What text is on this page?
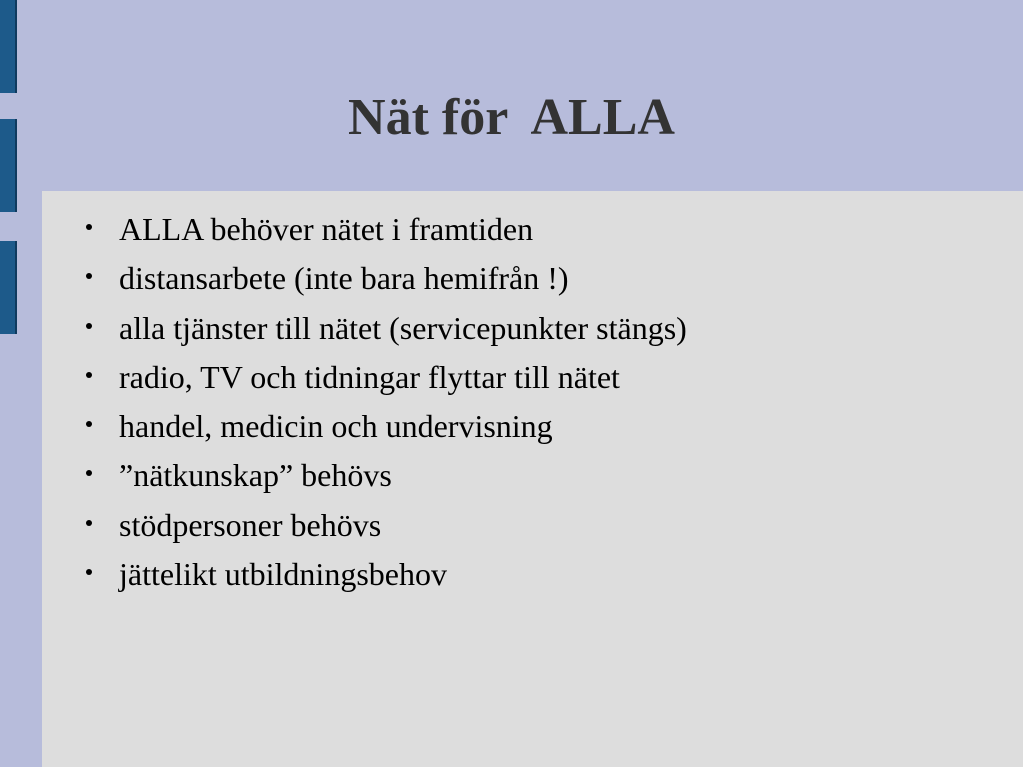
Nät för  ALLA
ALLA behöver nätet i framtiden
distansarbete (inte bara hemifrån !)
alla tjänster till nätet (servicepunkter stängs)
radio, TV och tidningar flyttar till nätet
handel, medicin och undervisning
”nätkunskap” behövs
stödpersoner behövs
jättelikt utbildningsbehov
